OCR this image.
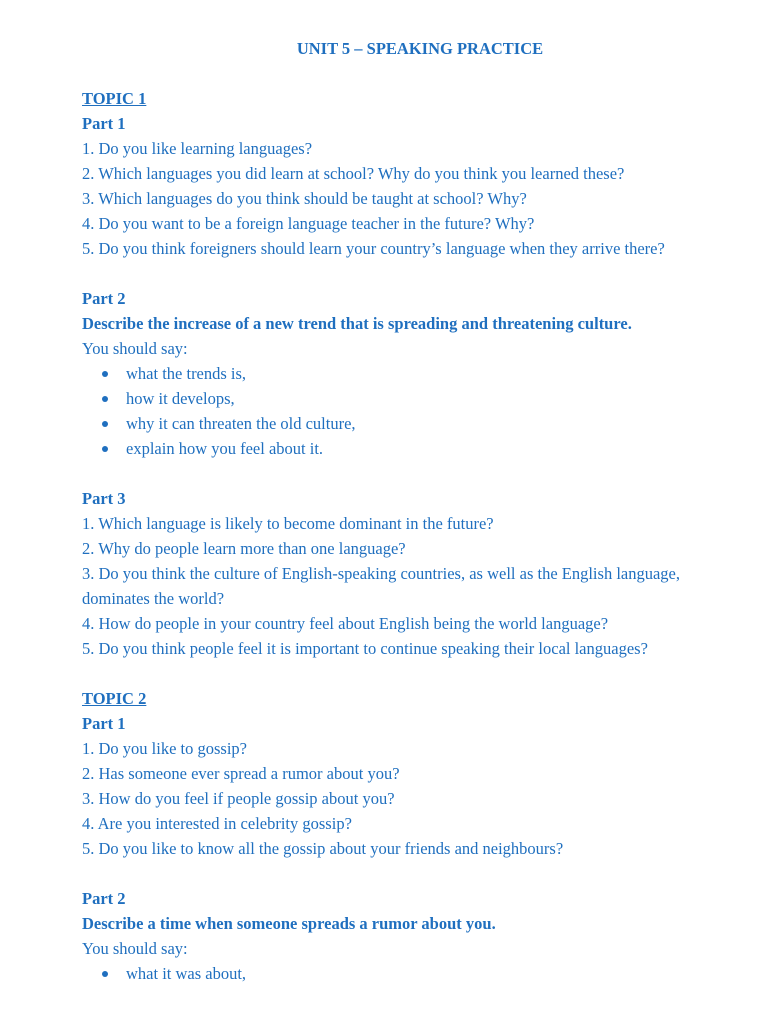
UNIT 5 – SPEAKING PRACTICE
TOPIC 1
Part 1
1. Do you like learning languages?
2. Which languages you did learn at school? Why do you think you learned these?
3. Which languages do you think should be taught at school? Why?
4. Do you want to be a foreign language teacher in the future? Why?
5. Do you think foreigners should learn your country’s language when they arrive there?
Part 2
Describe the increase of a new trend that is spreading and threatening culture.
You should say:
what the trends is,
how it develops,
why it can threaten the old culture,
explain how you feel about it.
Part 3
1. Which language is likely to become dominant in the future?
2. Why do people learn more than one language?
3. Do you think the culture of English-speaking countries, as well as the English language, dominates the world?
4. How do people in your country feel about English being the world language?
5. Do you think people feel it is important to continue speaking their local languages?
TOPIC 2
Part 1
1. Do you like to gossip?
2. Has someone ever spread a rumor about you?
3. How do you feel if people gossip about you?
4. Are you interested in celebrity gossip?
5. Do you like to know all the gossip about your friends and neighbours?
Part 2
Describe a time when someone spreads a rumor about you.
You should say:
what it was about,
